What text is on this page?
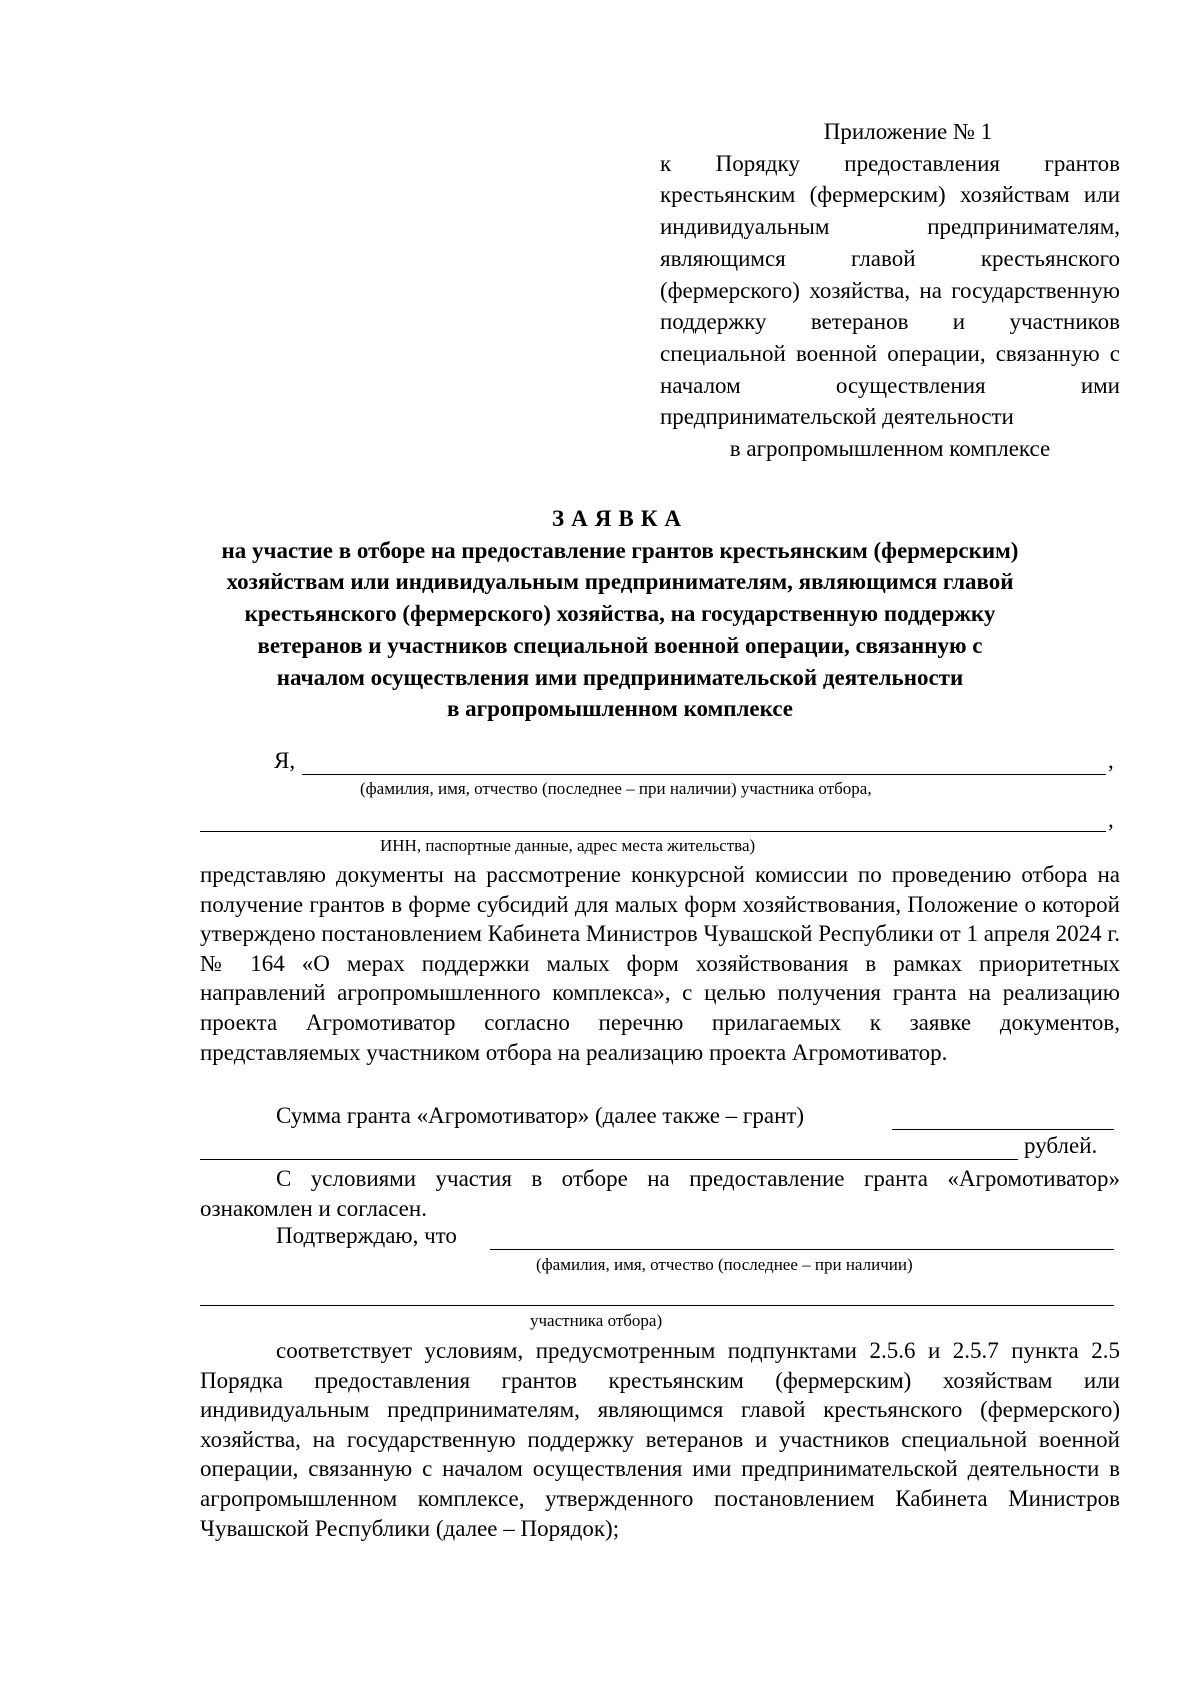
Приложение № 1
к Порядку предоставления грантов крестьянским (фермерским) хозяйствам или индивидуальным предпринимателям, являющимся главой крестьянского (фермерского) хозяйства, на государственную поддержку ветеранов и участников специальной военной операции, связанную с началом осуществления ими предпринимательской деятельности
в агропромышленном комплексе
ЗАЯВКА
на участие в отборе на предоставление грантов крестьянским (фермерским)
хозяйствам или индивидуальным предпринимателям, являющимся главой
крестьянского (фермерского) хозяйства, на государственную поддержку
ветеранов и участников специальной военной операции, связанную с
началом осуществления ими предпринимательской деятельности
в агропромышленном комплексе
Я,	,
(фамилия, имя, отчество (последнее – при наличии) участника отбора,
,
ИНН, паспортные данные, адрес места жительства)
представляю документы на рассмотрение конкурсной комиссии по проведению отбора на получение грантов в форме субсидий для малых форм хозяйствования, Положение о которой утверждено постановлением Кабинета Министров Чувашской Республики от 1 апреля 2024 г. № 164 «О мерах поддержки малых форм хозяйствования в рамках приоритетных направлений агропромышленного комплекса», с целью получения гранта на реализацию проекта Агромотиватор согласно перечню прилагаемых к заявке документов, представляемых участником отбора на реализацию проекта Агромотиватор.
Сумма гранта «Агромотиватор» (далее также – грант)
рублей.
С условиями участия в отборе на предоставление гранта «Агромотиватор» ознакомлен и согласен.
Подтверждаю, что
(фамилия, имя, отчество (последнее – при наличии)
участника отбора)
соответствует условиям, предусмотренным подпунктами 2.5.6 и 2.5.7 пункта 2.5 Порядка предоставления грантов крестьянским (фермерским) хозяйствам или индивидуальным предпринимателям, являющимся главой крестьянского (фермерского) хозяйства, на государственную поддержку ветеранов и участников специальной военной операции, связанную с началом осуществления ими предпринимательской деятельности в агропромышленном комплексе, утвержденного постановлением Кабинета Министров Чувашской Республики (далее – Порядок);
